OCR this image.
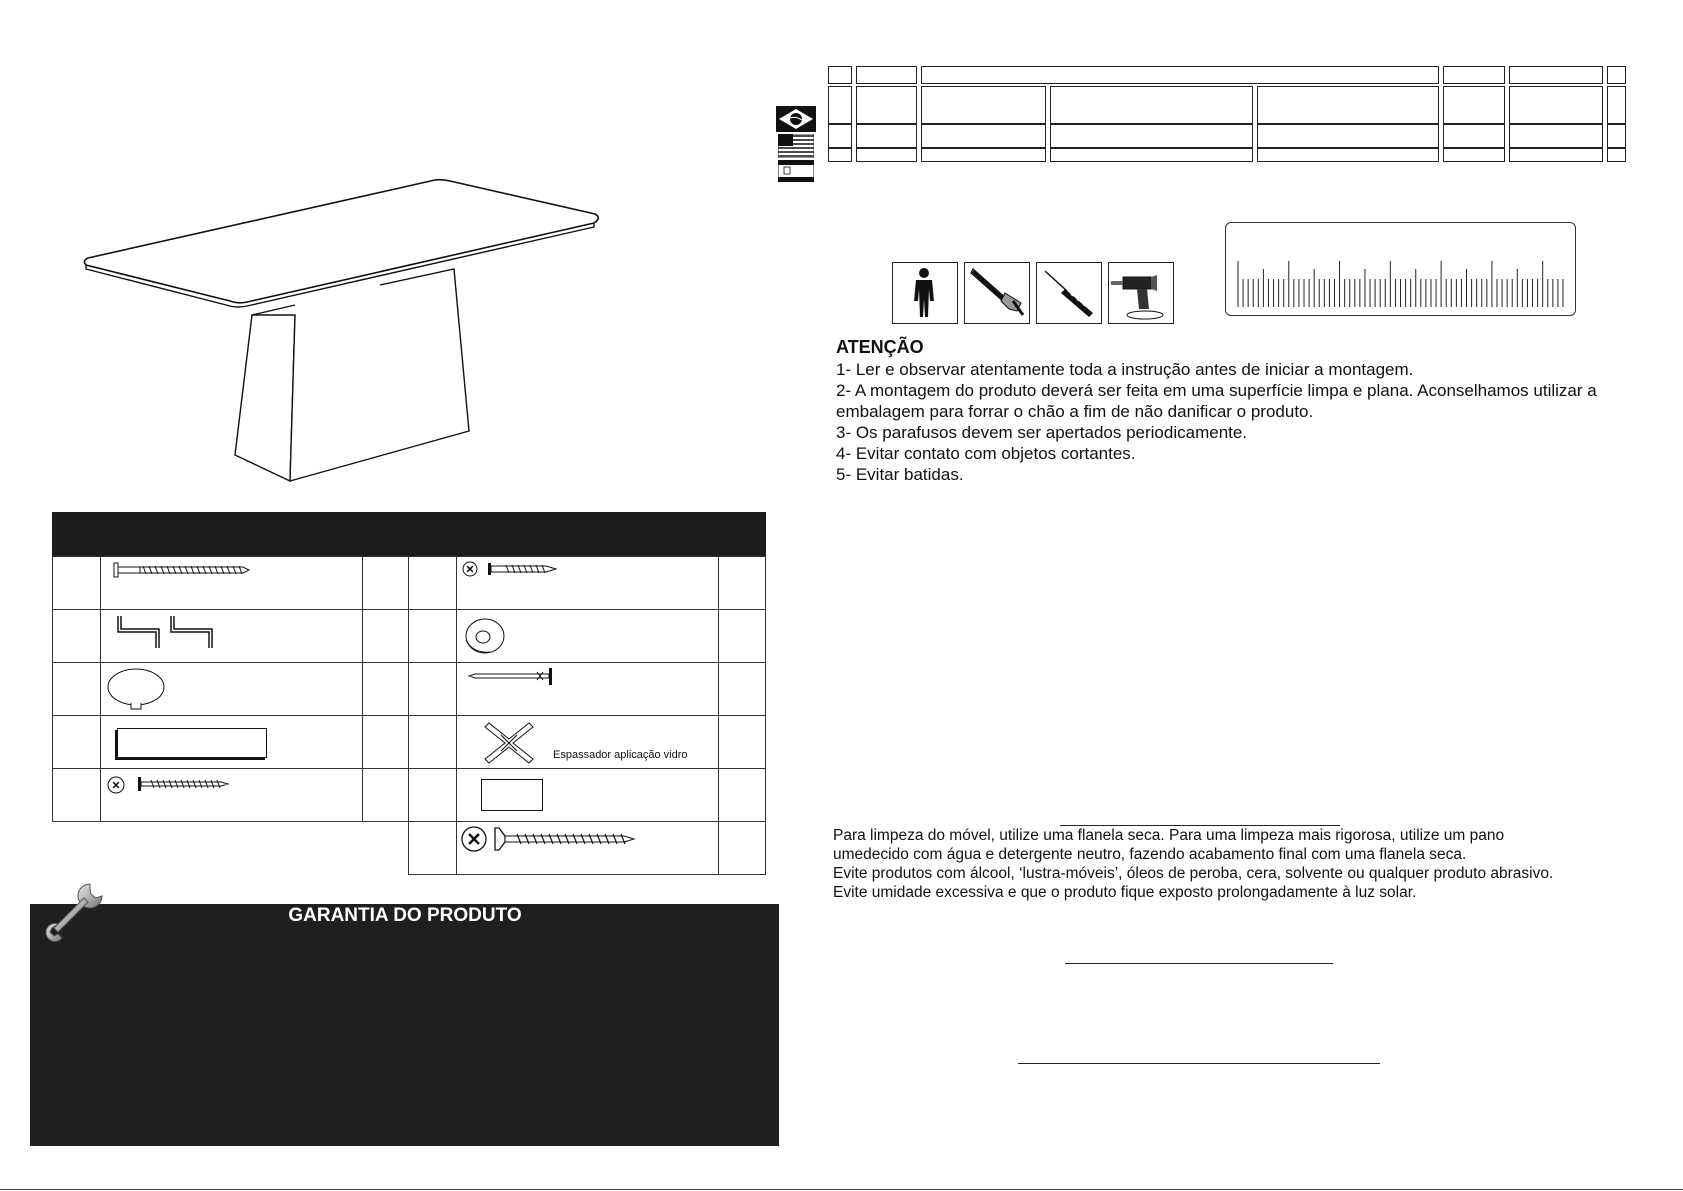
Espassador aplicação vidro
GARANTIA DO PRODUTO
ATENÇÃO
1- Ler e observar atentamente toda a instrução antes de iniciar a montagem.
2- A montagem do produto deverá ser feita em uma superfície limpa e plana. Aconselhamos utilizar a embalagem para forrar o chão a fim de não danificar o produto.
3- Os parafusos devem ser apertados periodicamente.
4- Evitar contato com objetos cortantes.
5- Evitar batidas.
Para limpeza do móvel, utilize uma flanela seca. Para uma limpeza mais rigorosa, utilize um pano
umedecido com água e detergente neutro, fazendo acabamento final com uma flanela seca.
Evite produtos com álcool, ‘lustra-móveis’, óleos de peroba, cera, solvente ou qualquer produto abrasivo.
Evite umidade excessiva e que o produto fique exposto prolongadamente à luz solar.
